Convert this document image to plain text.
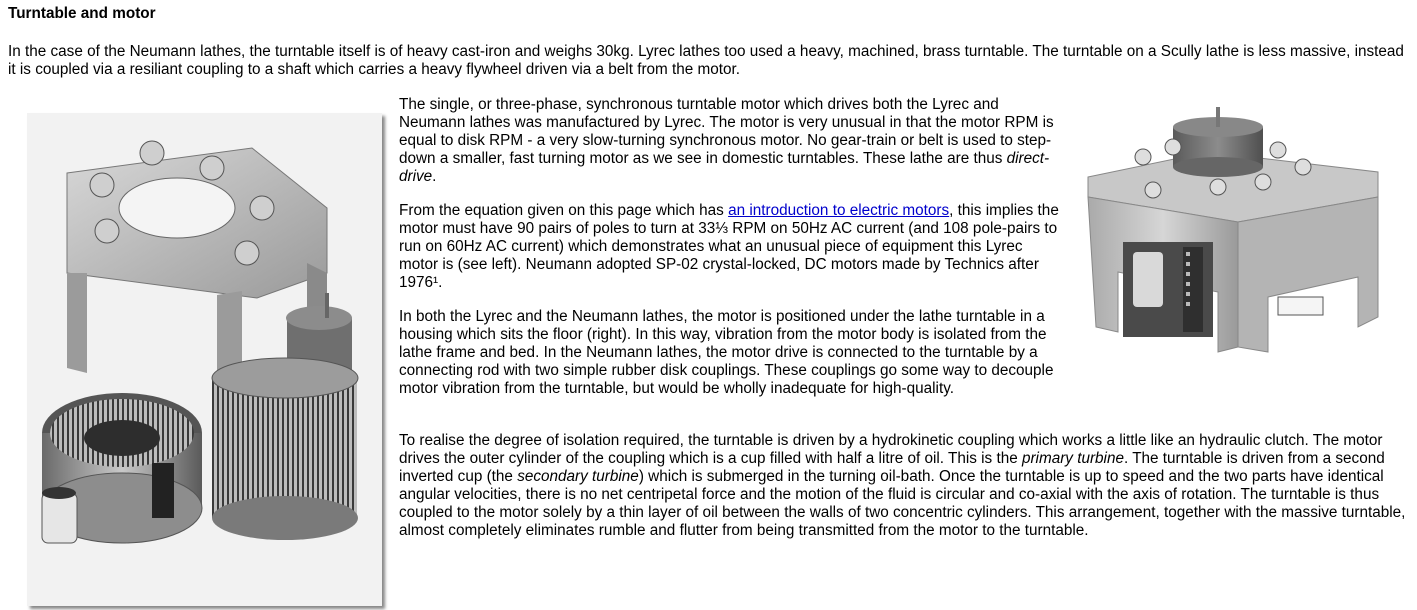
Turntable and motor

In the case of the Neumann lathes, the turntable itself is of heavy cast-iron and weighs 30kg. Lyrec lathes too used a heavy, machined, brass turntable. The turntable on a Scully lathe is less massive, instead it is coupled via a resiliant coupling to a shaft which carries a heavy flywheel driven via a belt from the motor.

The single, or three-phase, synchronous turntable motor which drives both the Lyrec and Neumann lathes was manufactured by Lyrec. The motor is very unusual in that the motor RPM is equal to disk RPM - a very slow-turning synchronous motor. No gear-train or belt is used to step-down a smaller, fast turning motor as we see in domestic turntables. These lathe are thus direct-drive.

From the equation given on this page which has an introduction to electric motors, this implies the motor must have 90 pairs of poles to turn at 33⅓ RPM on 50Hz AC current (and 108 pole-pairs to run on 60Hz AC current) which demonstrates what an unusual piece of equipment this Lyrec motor is (see left). Neumann adopted SP-02 crystal-locked, DC motors made by Technics after 1976¹.

In both the Lyrec and the Neumann lathes, the motor is positioned under the lathe turntable in a housing which sits the floor (right). In this way, vibration from the motor body is isolated from the lathe frame and bed. In the Neumann lathes, the motor drive is connected to the turntable by a connecting rod with two simple rubber disk couplings. These couplings go some way to decouple motor vibration from the turntable, but would be wholly inadequate for high-quality.

To realise the degree of isolation required, the turntable is driven by a hydrokinetic coupling which works a little like an hydraulic clutch. The motor drives the outer cylinder of the coupling which is a cup filled with half a litre of oil. This is the primary turbine. The turntable is driven from a second inverted cup (the secondary turbine) which is submerged in the turning oil-bath. Once the turntable is up to speed and the two parts have identical angular velocities, there is no net centripetal force and the motion of the fluid is circular and co-axial with the axis of rotation. The turntable is thus coupled to the motor solely by a thin layer of oil between the walls of two concentric cylinders. This arrangement, together with the massive turntable, almost completely eliminates rumble and flutter from being transmitted from the motor to the turntable.
